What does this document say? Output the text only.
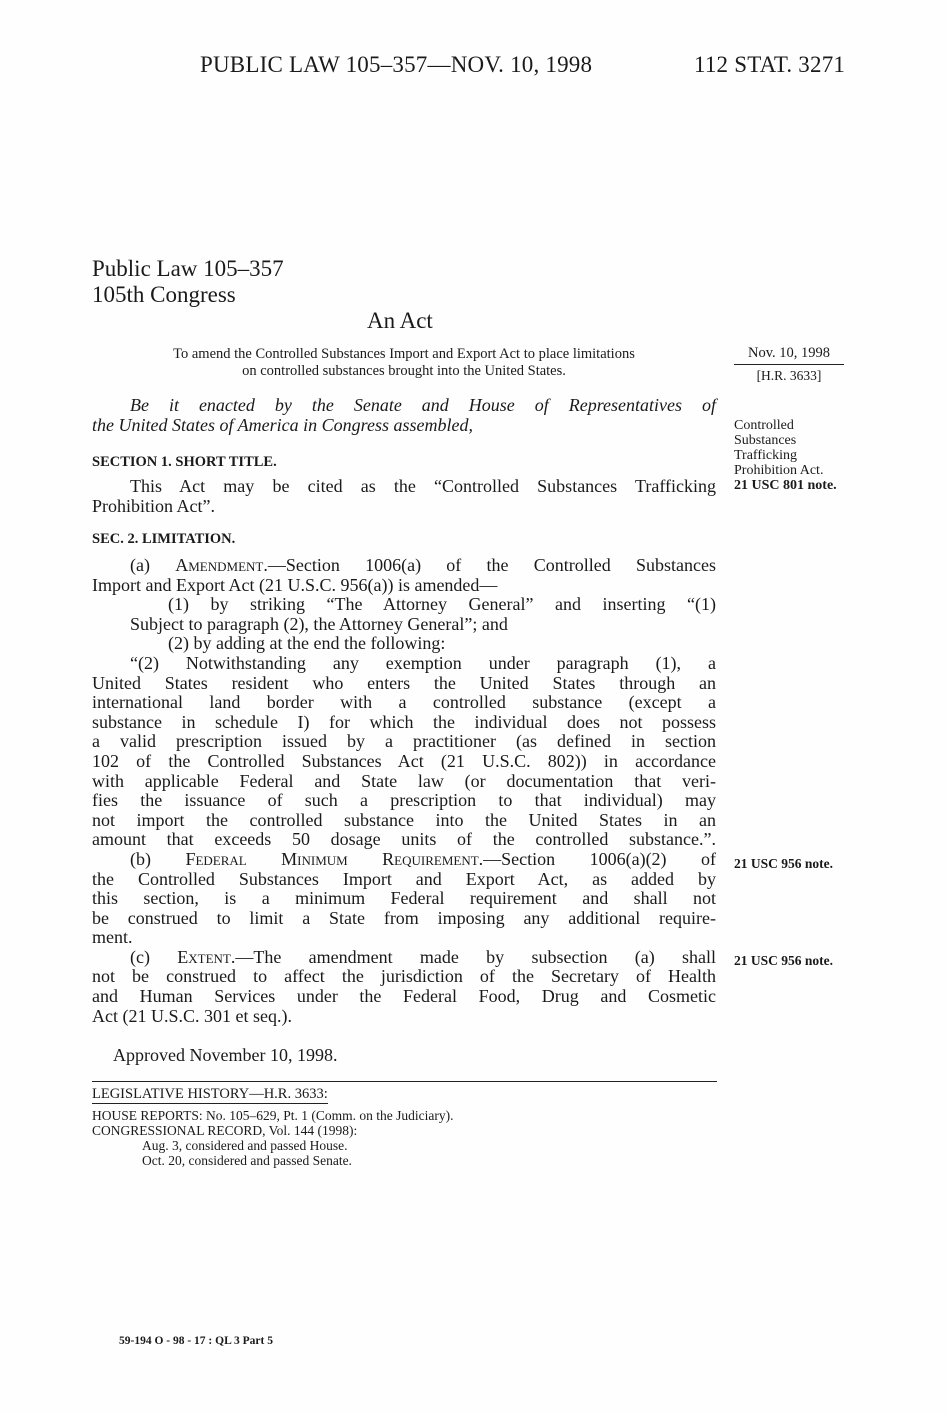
PUBLIC LAW 105–357—NOV. 10, 1998	112 STAT. 3271
Public Law 105–357
105th Congress
An Act
To amend the Controlled Substances Import and Export Act to place limitations
on controlled substances brought into the United States.
Nov. 10, 1998
[H.R. 3633]
Controlled
Substances
Trafficking
Prohibition Act.
21 USC 801 note.
21 USC 956 note.
21 USC 956 note.
Be it enacted by the Senate and House of Representatives of
the United States of America in Congress assembled,
SECTION 1. SHORT TITLE.
This Act may be cited as the “Controlled Substances Trafficking
Prohibition Act”.
SEC. 2. LIMITATION.
(a) Amendment.—Section 1006(a) of the Controlled Substances
Import and Export Act (21 U.S.C. 956(a)) is amended—
(1) by striking “The Attorney General” and inserting “(1)
Subject to paragraph (2), the Attorney General”; and
(2) by adding at the end the following:
“(2) Notwithstanding any exemption under paragraph (1), a
United States resident who enters the United States through an
international land border with a controlled substance (except a
substance in schedule I) for which the individual does not possess
a valid prescription issued by a practitioner (as defined in section
102 of the Controlled Substances Act (21 U.S.C. 802)) in accordance
with applicable Federal and State law (or documentation that veri-
fies the issuance of such a prescription to that individual) may
not import the controlled substance into the United States in an
amount that exceeds 50 dosage units of the controlled substance.”.
(b) Federal Minimum Requirement.—Section 1006(a)(2) of
the Controlled Substances Import and Export Act, as added by
this section, is a minimum Federal requirement and shall not
be construed to limit a State from imposing any additional require-
ment.
(c) Extent.—The amendment made by subsection (a) shall
not be construed to affect the jurisdiction of the Secretary of Health
and Human Services under the Federal Food, Drug and Cosmetic
Act (21 U.S.C. 301 et seq.).
Approved November 10, 1998.
LEGISLATIVE HISTORY—H.R. 3633:
HOUSE REPORTS: No. 105–629, Pt. 1 (Comm. on the Judiciary).
CONGRESSIONAL RECORD, Vol. 144 (1998):
Aug. 3, considered and passed House.
Oct. 20, considered and passed Senate.
59-194 O - 98 - 17 : QL 3 Part 5
